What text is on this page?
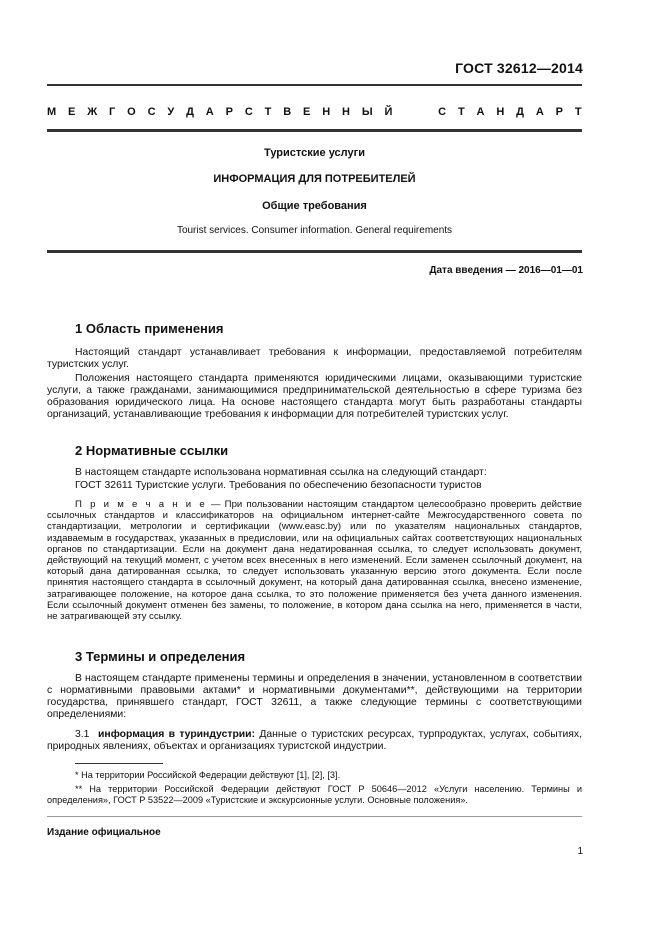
ГОСТ 32612—2014
М Е Ж Г О С У Д А Р С Т В Е Н Н Ы Й	С Т А Н Д А Р Т
Туристские услуги
ИНФОРМАЦИЯ ДЛЯ ПОТРЕБИТЕЛЕЙ
Общие требования
Tourist services. Consumer information. General requirements
Дата введения — 2016—01—01
1 Область применения
Настоящий стандарт устанавливает требования к информации, предоставляемой потребителям
туристских услуг.
Положения настоящего стандарта применяются юридическими лицами, оказывающими туристские услуги, а также гражданами, занимающимися предпринимательской деятельностью в сфере туризма без образования юридического лица. На основе настоящего стандарта могут быть разработаны стандарты организаций, устанавливающие требования к информации для потребителей туристских услуг.
2 Нормативные ссылки
В настоящем стандарте использована нормативная ссылка на следующий стандарт:
ГОСТ 32611 Туристские услуги. Требования по обеспечению безопасности туристов
П р и м е ч а н и е — При пользовании настоящим стандартом целесообразно проверить действие ссылочных стандартов и классификаторов на официальном интернет-сайте Межгосударственного совета по стандартизации, метрологии и сертификации (www.easc.by) или по указателям национальных стандартов, издаваемым в государствах, указанных в предисловии, или на официальных сайтах соответствующих национальных органов по стандартизации. Если на документ дана недатированная ссылка, то следует использовать документ, действующий на текущий момент, с учетом всех внесенных в него изменений. Если заменен ссылочный документ, на который дана датированная ссылка, то следует использовать указанную версию этого документа. Если после принятия настоящего стандарта в ссылочный документ, на который дана датированная ссылка, внесено изменение, затрагивающее положение, на которое дана ссылка, то это положение применяется без учета данного изменения. Если ссылочный документ отменен без замены, то положение, в котором дана ссылка на него, применяется в части, не затрагивающей эту ссылку.
3 Термины и определения
В настоящем стандарте применены термины и определения в значении, установленном в соответствии с нормативными правовыми актами* и нормативными документами**, действующими на территории государства, принявшего стандарт, ГОСТ 32611, а также следующие термины с соответствующими определениями:
3.1 информация в туриндустрии: Данные о туристских ресурсах, турпродуктах, услугах, событиях, природных явлениях, объектах и организациях туристской индустрии.
* На территории Российской Федерации действуют [1], [2], [3].
** На территории Российской Федерации действуют ГОСТ Р 50646—2012 «Услуги населению. Термины и определения», ГОСТ Р 53522—2009 «Туристские и экскурсионные услуги. Основные положения».
Издание официальное
1
